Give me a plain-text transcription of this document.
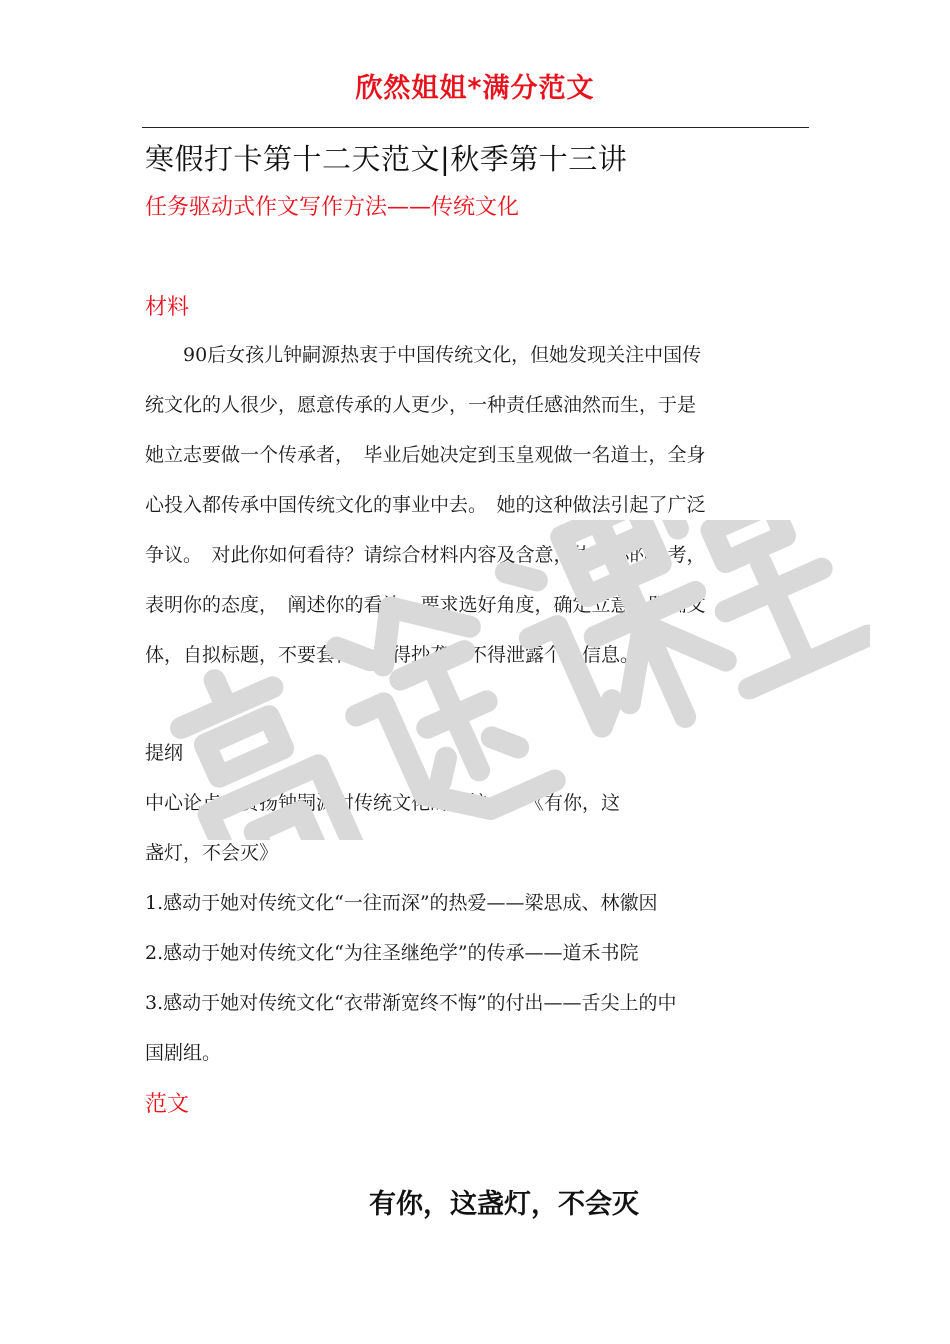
欣然姐姐*满分范文
寒假打卡第十二天范文|秋季第十三讲
任务驱动式作文写作方法——传统文化
材料
　　90后女孩儿钟嗣源热衷于中国传统文化，但她发现关注中国传
统文化的人很少，愿意传承的人更少，一种责任感油然而生，于是
她立志要做一个传承者，　毕业后她决定到玉皇观做一名道士，全身
心投入都传承中国传统文化的事业中去。　她的这种做法引起了广泛
争议。　对此你如何看待？请综合材料内容及含意，体现你的思考，
表明你的态度，　阐述你的看法。要求选好角度，确定立意，明确文
体，自拟标题，不要套作，不得抄袭，不得泄露个人信息。
提纲
中心论点：赞扬钟嗣源对传统文化的守护——《有你，这
盏灯，不会灭》
1.感动于她对传统文化“一往而深”的热爱——梁思成、林徽因
2.感动于她对传统文化“为往圣继绝学”的传承——道禾书院
3.感动于她对传统文化“衣带渐宽终不悔”的付出——舌尖上的中
国剧组。
范文
有你，这盏灯，不会灭
